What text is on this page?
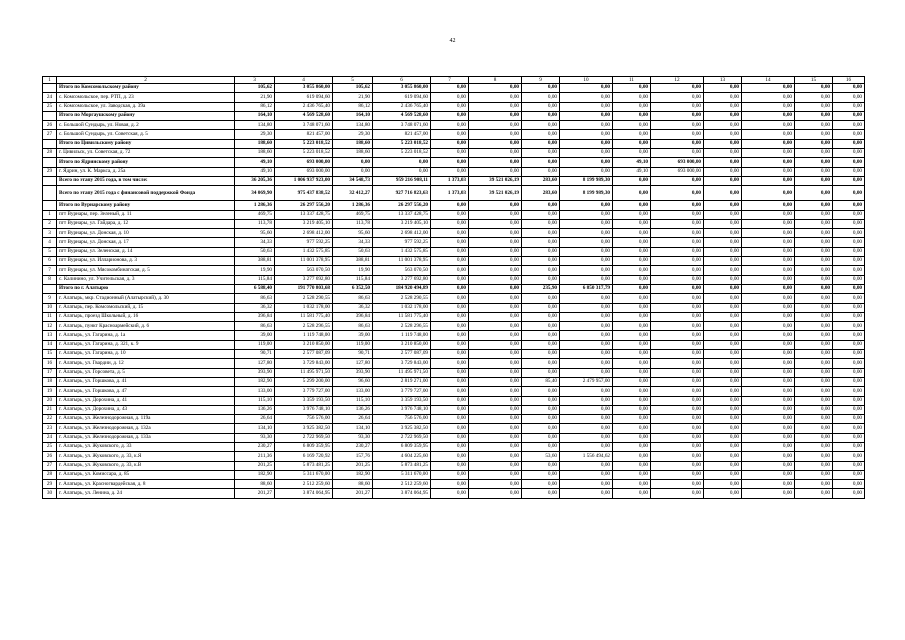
42
1	2	3	4	5	6	7	8	9	10	11	12	13	14	15	16
	Итого по Комсомольскому району	105,62	3 055 860,00	105,62	3 055 860,00	0,00	0,00	0,00	0,00	0,00	0,00	0,00	0,00	0,00	0,00
24	с. Комсомольское, пер. РТП, д. 23	21,90	619 094,60	21,90	619 094,60	0,00	0,00	0,00	0,00	0,00	0,00	0,00	0,00	0,00	0,00
25	с. Комсомольское, ул. Заводская, д. 39а	86,12	2 436 765,40	86,12	2 436 765,40	0,00	0,00	0,00	0,00	0,00	0,00	0,00	0,00	0,00	0,00
	Итого по Моргаушскому району	164,10	4 569 528,60	164,10	4 569 528,60	0,00	0,00	0,00	0,00	0,00	0,00	0,00	0,00	0,00	0,00
26	с. Большой Сундырь, ул. Новая, д. 2	134,80	3 748 071,60	134,80	3 748 071,60	0,00	0,00	0,00	0,00	0,00	0,00	0,00	0,00	0,00	0,00
27	с. Большой Сундырь, ул. Советская, д. 5	29,30	821 457,00	29,30	821 457,00	0,00	0,00	0,00	0,00	0,00	0,00	0,00	0,00	0,00	0,00
	Итого по Цивильскому району	188,60	5 223 018,52	188,60	5 223 018,52	0,00	0,00	0,00	0,00	0,00	0,00	0,00	0,00	0,00	0,00
28	г. Цивильск, ул. Советская, д. 72	188,60	5 223 018,52	188,60	5 223 018,52	0,00	0,00	0,00	0,00	0,00	0,00	0,00	0,00	0,00	0,00
	Итого по Ядринскому району	49,10	693 000,00	0,00	0,00	0,00	0,00	0,00	0,00	49,10	693 000,00	0,00	0,00	0,00	0,00
29	г. Ядрин, ул. К. Маркса, д. 25а	49,10	693 000,00	0,00	0,00	0,00	0,00	0,00	0,00	49,10	693 000,00	0,00	0,00	0,00	0,00
	Всего по этапу 2015 года, в том числе:	36 205,36	1 006 937 923,00	34 548,73	959 216 908,11	1 373,03	39 521 026,19	283,60	8 199 989,30	0,00	0,00	0,00	0,00	0,00	0,00
	Всего по этапу 2015 года с финансовой поддержкой Фонда	34 069,90	975 437 838,52	32 412,27	927 716 823,63	1 373,03	39 521 026,19	283,60	8 199 989,30	0,00	0,00	0,00	0,00	0,00	0,00
	Итого по Вурнарскому району	1 286,36	26 297 556,20	1 286,36	26 297 556,20	0,00	0,00	0,00	0,00	0,00	0,00	0,00	0,00	0,00	0,00
1	пгт Вурнары, пер. Зеленый, д. 11	469,75	13 337 428,75	469,75	13 337 428,75	0,00	0,00	0,00	0,00	0,00	0,00	0,00	0,00	0,00	0,00
2	пгт Вурнары, ул. Гайдара, д. 12	113,78	3 219 405,10	113,78	3 219 405,10	0,00	0,00	0,00	0,00	0,00	0,00	0,00	0,00	0,00	0,00
3	пгт Вурнары, ул. Донская, д. 10	95,60	2 698 412,00	95,60	2 698 412,00	0,00	0,00	0,00	0,00	0,00	0,00	0,00	0,00	0,00	0,00
4	пгт Вурнары, ул. Донская, д. 17	34,33	977 592,25	34,33	977 592,25	0,00	0,00	0,00	0,00	0,00	0,00	0,00	0,00	0,00	0,00
5	пгт Вурнары, ул. Зеленская, д. 14	50,63	1 432 575,85	50,63	1 432 575,85	0,00	0,00	0,00	0,00	0,00	0,00	0,00	0,00	0,00	0,00
6	пгт Вурнары, ул. Илларионова, д. 3	388,81	11 001 378,95	388,81	11 001 378,95	0,00	0,00	0,00	0,00	0,00	0,00	0,00	0,00	0,00	0,00
7	пгт Вурнары, ул. Мясокомбинатская, д. 5	19,90	563 070,50	19,90	563 070,50	0,00	0,00	0,00	0,00	0,00	0,00	0,00	0,00	0,00	0,00
8	с. Калинино, ул. Учительская, д. 3	115,84	3 277 692,80	115,84	3 277 692,80	0,00	0,00	0,00	0,00	0,00	0,00	0,00	0,00	0,00	0,00
	Итого по г. Алатырю	6 588,40	191 770 803,68	6 352,50	184 920 494,89	0,00	0,00	235,90	6 850 317,79	0,00	0,00	0,00	0,00	0,00	0,00
9	г. Алатырь, мкр. Стадионный (Алатырский), д. 30	86,63	2 528 290,55	86,63	2 528 290,55	0,00	0,00	0,00	0,00	0,00	0,00	0,00	0,00	0,00	0,00
10	г. Алатырь, пер. Комсомольский, д. 15	36,32	1 032 178,00	36,32	1 032 178,00	0,00	0,00	0,00	0,00	0,00	0,00	0,00	0,00	0,00	0,00
11	г. Алатырь, проезд Школьный, д. 16	396,84	11 581 775,40	396,84	11 581 775,40	0,00	0,00	0,00	0,00	0,00	0,00	0,00	0,00	0,00	0,00
12	г. Алатырь, пункт Красноармейский, д. 6	86,63	2 528 296,55	86,63	2 528 296,55	0,00	0,00	0,00	0,00	0,00	0,00	0,00	0,00	0,00	0,00
13	г. Алатырь, ул. Гагарина, д. 1а	39,00	1 119 748,00	39,00	1 119 748,00	0,00	0,00	0,00	0,00	0,00	0,00	0,00	0,00	0,00	0,00
14	г. Алатырь, ул. Гагарина, д. 321, к. 9	119,00	3 210 850,00	119,00	3 210 850,00	0,00	0,00	0,00	0,00	0,00	0,00	0,00	0,00	0,00	0,00
15	г. Алатырь, ул. Гагарина, д. 10	90,71	2 577 087,09	90,71	2 577 087,09	0,00	0,00	0,00	0,00	0,00	0,00	0,00	0,00	0,00	0,00
16	г. Алатырь, ул. Гвардии, д. 12	127,80	3 729 843,00	127,80	3 729 843,00	0,00	0,00	0,00	0,00	0,00	0,00	0,00	0,00	0,00	0,00
17	г. Алатырь, ул. Горсовета, д. 5	393,90	11 495 971,50	393,90	11 495 971,50	0,00	0,00	0,00	0,00	0,00	0,00	0,00	0,00	0,00	0,00
18	г. Алатырь, ул. Горшкова, д. 41	182,90	5 299 200,00	96,60	2 819 271,00	0,00	0,00	85,40	2 479 957,00	0,00	0,00	0,00	0,00	0,00	0,00
19	г. Алатырь, ул. Горшкова, д. 47	133,00	3 779 727,00	133,00	3 779 727,00	0,00	0,00	0,00	0,00	0,00	0,00	0,00	0,00	0,00	0,00
20	г. Алатырь, ул. Дорохина, д. 41	115,10	3 359 193,50	115,10	3 359 193,50	0,00	0,00	0,00	0,00	0,00	0,00	0,00	0,00	0,00	0,00
21	г. Алатырь, ул. Дорохина, д. 43	136,26	3 976 748,10	136,26	3 976 748,10	0,00	0,00	0,00	0,00	0,00	0,00	0,00	0,00	0,00	0,00
22	г. Алатырь, ул. Железнодорожная, д. 119а	26,64	756 576,00	26,64	756 576,00	0,00	0,00	0,00	0,00	0,00	0,00	0,00	0,00	0,00	0,00
23	г. Алатырь, ул. Железнодорожная, д. 132а	134,10	3 925 382,50	134,10	3 925 382,50	0,00	0,00	0,00	0,00	0,00	0,00	0,00	0,00	0,00	0,00
24	г. Алатырь, ул. Железнодорожная, д. 133а	93,30	2 722 969,50	93,30	2 722 969,50	0,00	0,00	0,00	0,00	0,00	0,00	0,00	0,00	0,00	0,00
25	г. Алатырь, ул. Жуковского, д. 33	230,27	6 809 359,95	230,27	6 809 359,95	0,00	0,00	0,00	0,00	0,00	0,00	0,00	0,00	0,00	0,00
26	г. Алатырь, ул. Жуковского, д. 33, к.Я	211,36	6 169 720,92	157,76	4 604 225,60	0,00	0,00	53,60	1 556 494,62	0,00	0,00	0,00	0,00	0,00	0,00
27	г. Алатырь, ул. Жуковского, д. 33, к.В	201,25	5 873 481,25	201,25	5 873 481,25	0,00	0,00	0,00	0,00	0,00	0,00	0,00	0,00	0,00	0,00
28	г. Алатырь, ул. Комиссара, д. 85	182,90	5 311 670,00	182,90	5 311 670,00	0,00	0,00	0,00	0,00	0,00	0,00	0,00	0,00	0,00	0,00
29	г. Алатырь, ул. Красногвардейская, д. 8	88,60	2 512 259,60	88,60	2 512 259,60	0,00	0,00	0,00	0,00	0,00	0,00	0,00	0,00	0,00	0,00
30	г. Алатырь, ул. Ленина, д. 24	201,27	3 874 064,95	201,27	3 874 064,95	0,00	0,00	0,00	0,00	0,00	0,00	0,00	0,00	0,00	0,00
